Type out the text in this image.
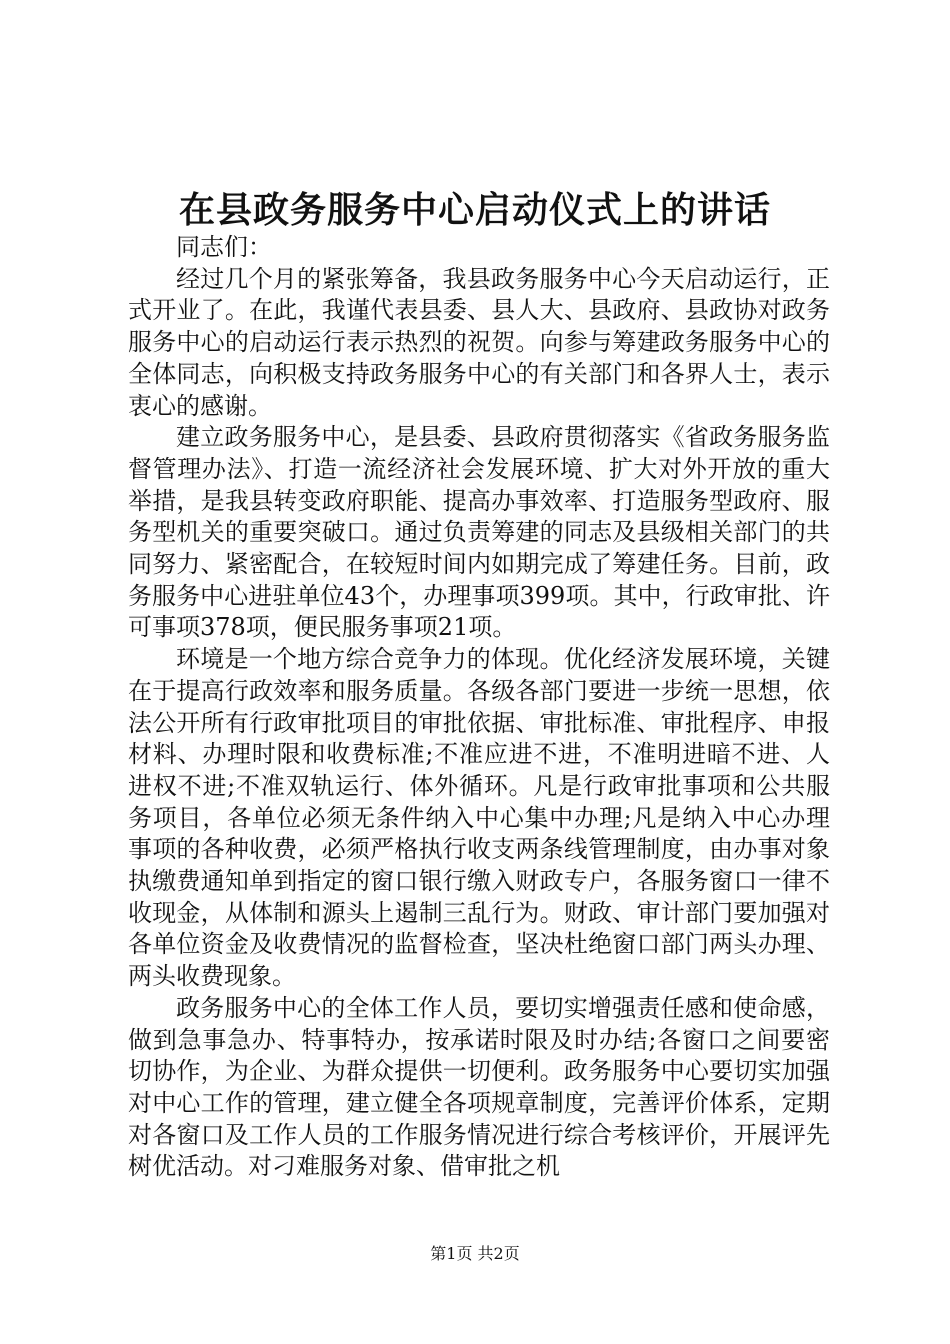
在县政务服务中心启动仪式上的讲话

同志们：

经过几个月的紧张筹备，我县政务服务中心今天启动运行，正式开业了。在此，我谨代表县委、县人大、县政府、县政协对政务服务中心的启动运行表示热烈的祝贺。向参与筹建政务服务中心的全体同志，向积极支持政务服务中心的有关部门和各界人士，表示衷心的感谢。

建立政务服务中心，是县委、县政府贯彻落实《省政务服务监督管理办法》、打造一流经济社会发展环境、扩大对外开放的重大举措，是我县转变政府职能、提高办事效率、打造服务型政府、服务型机关的重要突破口。通过负责筹建的同志及县级相关部门的共同努力、紧密配合，在较短时间内如期完成了筹建任务。目前，政务服务中心进驻单位43个，办理事项399项。其中，行政审批、许可事项378项，便民服务事项21项。

环境是一个地方综合竞争力的体现。优化经济发展环境，关键在于提高行政效率和服务质量。各级各部门要进一步统一思想，依法公开所有行政审批项目的审批依据、审批标准、审批程序、申报材料、办理时限和收费标准;不准应进不进，不准明进暗不进、人进权不进;不准双轨运行、体外循环。凡是行政审批事项和公共服务项目，各单位必须无条件纳入中心集中办理;凡是纳入中心办理事项的各种收费，必须严格执行收支两条线管理制度，由办事对象执缴费通知单到指定的窗口银行缴入财政专户，各服务窗口一律不收现金，从体制和源头上遏制三乱行为。财政、审计部门要加强对各单位资金及收费情况的监督检查，坚决杜绝窗口部门两头办理、两头收费现象。

政务服务中心的全体工作人员，要切实增强责任感和使命感，做到急事急办、特事特办，按承诺时限及时办结;各窗口之间要密切协作，为企业、为群众提供一切便利。政务服务中心要切实加强对中心工作的管理，建立健全各项规章制度，完善评价体系，定期对各窗口及工作人员的工作服务情况进行综合考核评价，开展评先树优活动。对刁难服务对象、借审批之机

第1页 共2页
